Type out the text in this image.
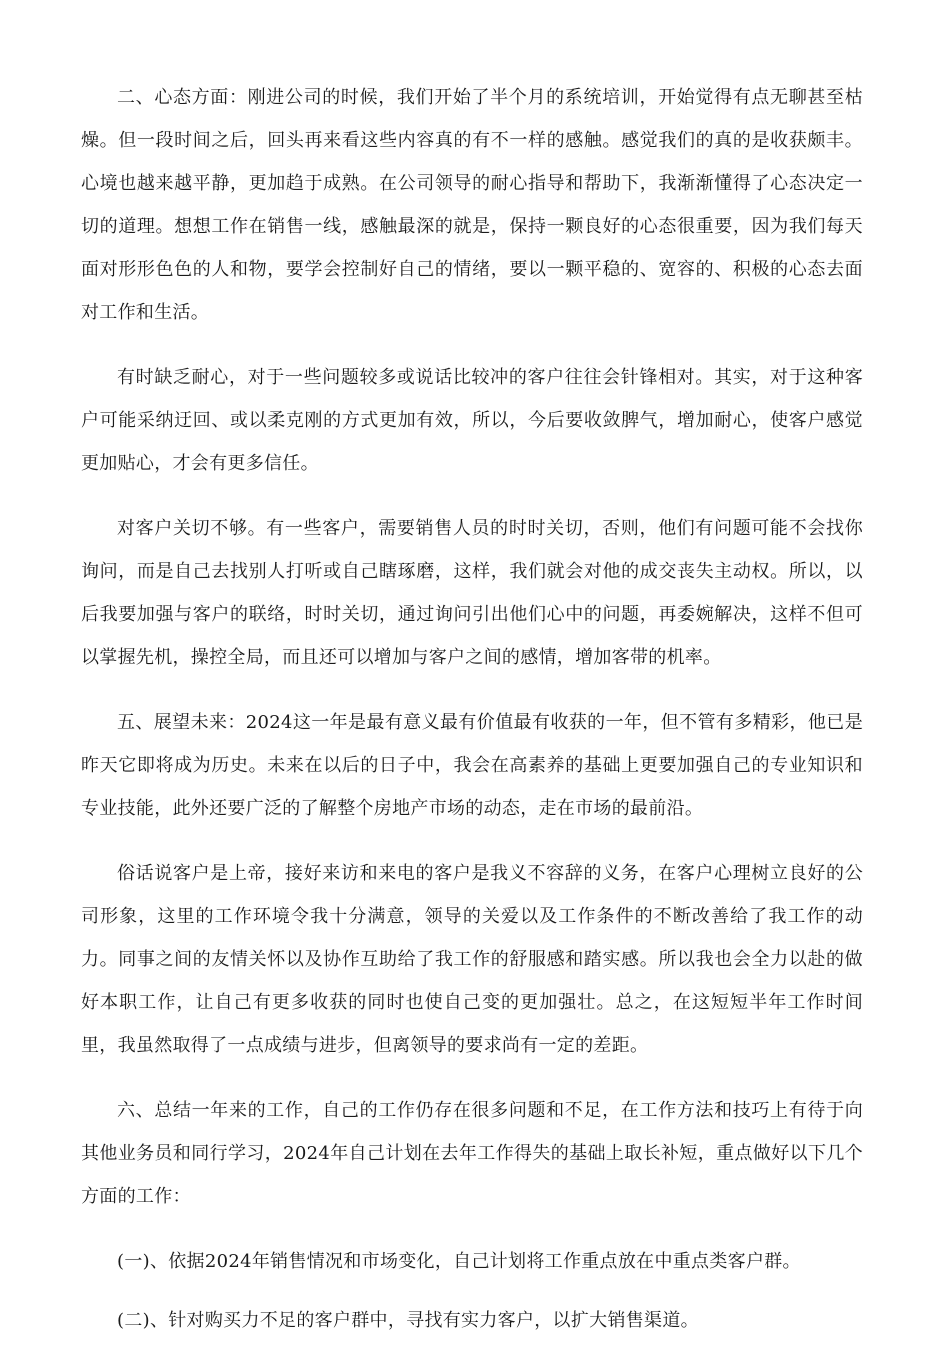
二、心态方面：刚进公司的时候，我们开始了半个月的系统培训，开始觉得有点无聊甚至枯燥。但一段时间之后，回头再来看这些内容真的有不一样的感触。感觉我们的真的是收获颇丰。心境也越来越平静，更加趋于成熟。在公司领导的耐心指导和帮助下，我渐渐懂得了心态决定一切的道理。想想工作在销售一线，感触最深的就是，保持一颗良好的心态很重要，因为我们每天面对形形色色的人和物，要学会控制好自己的情绪，要以一颗平稳的、宽容的、积极的心态去面对工作和生活。

有时缺乏耐心，对于一些问题较多或说话比较冲的客户往往会针锋相对。其实，对于这种客户可能采纳迂回、或以柔克刚的方式更加有效，所以，今后要收敛脾气，增加耐心，使客户感觉更加贴心，才会有更多信任。

对客户关切不够。有一些客户，需要销售人员的时时关切，否则，他们有问题可能不会找你询问，而是自己去找别人打听或自己瞎琢磨，这样，我们就会对他的成交丧失主动权。所以，以后我要加强与客户的联络，时时关切，通过询问引出他们心中的问题，再委婉解决，这样不但可以掌握先机，操控全局，而且还可以增加与客户之间的感情，增加客带的机率。

五、展望未来：2024这一年是最有意义最有价值最有收获的一年，但不管有多精彩，他已是昨天它即将成为历史。未来在以后的日子中，我会在高素养的基础上更要加强自己的专业知识和专业技能，此外还要广泛的了解整个房地产市场的动态，走在市场的最前沿。

俗话说客户是上帝，接好来访和来电的客户是我义不容辞的义务，在客户心理树立良好的公司形象，这里的工作环境令我十分满意，领导的关爱以及工作条件的不断改善给了我工作的动力。同事之间的友情关怀以及协作互助给了我工作的舒服感和踏实感。所以我也会全力以赴的做好本职工作，让自己有更多收获的同时也使自己变的更加强壮。总之，在这短短半年工作时间里，我虽然取得了一点成绩与进步，但离领导的要求尚有一定的差距。

六、总结一年来的工作，自己的工作仍存在很多问题和不足，在工作方法和技巧上有待于向其他业务员和同行学习，2024年自己计划在去年工作得失的基础上取长补短，重点做好以下几个方面的工作：

(一)、依据2024年销售情况和市场变化，自己计划将工作重点放在中重点类客户群。

(二)、针对购买力不足的客户群中，寻找有实力客户，以扩大销售渠道。
